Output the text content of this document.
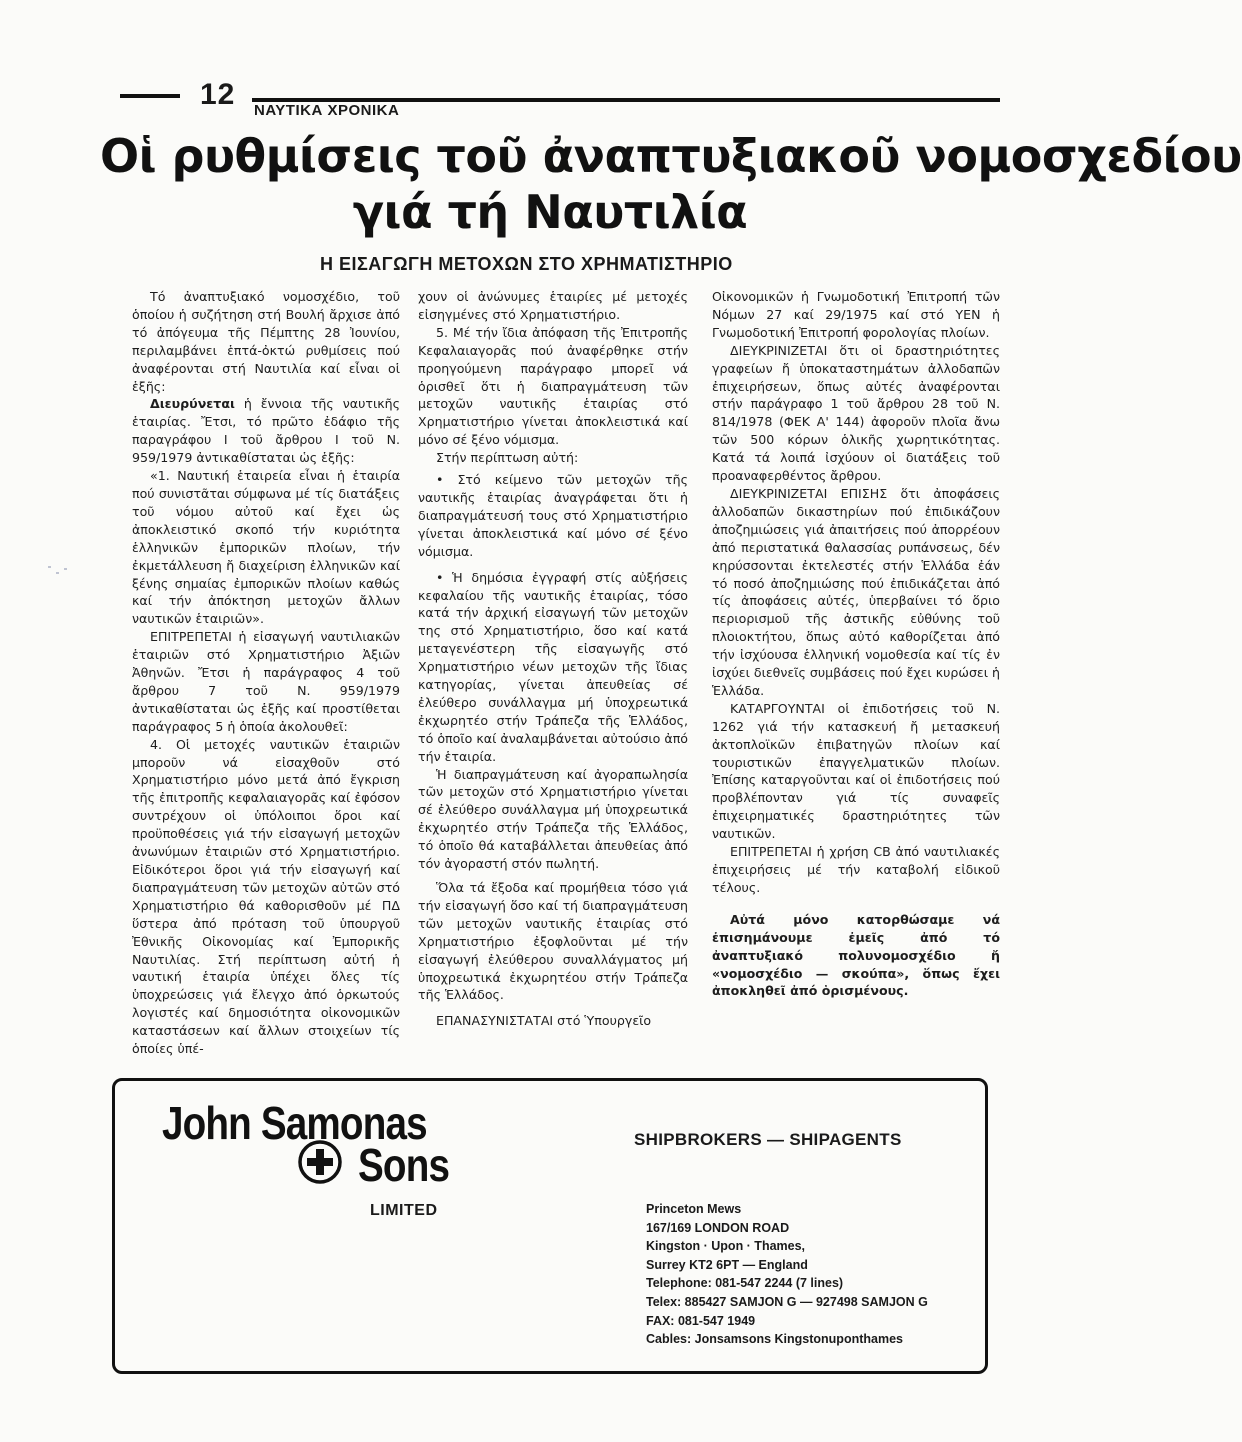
12 ΝΑΥΤΙΚΑ ΧΡΟΝΙΚΑ
Οἱ ρυθμίσεις τοῦ ἀναπτυξιακοῦ νομοσχεδίου
γιά τή Ναυτιλία
Η ΕΙΣΑΓΩΓΗ ΜΕΤΟΧΩΝ ΣΤΟ ΧΡΗΜΑΤΙΣΤΗΡΙΟ

Τό ἀναπτυξιακό νομοσχέδιο, τοῦ ὁποίου ἡ συζήτηση στή Βουλή ἄρχισε ἀπό τό ἀπόγευμα τῆς Πέμπτης 28 Ἰουνίου, περιλαμβάνει ἑπτά-ὀκτώ ρυθμίσεις πού ἀναφέρονται στή Ναυτιλία καί εἶναι οἱ ἑξῆς:

Διευρύνεται ἡ ἔννοια τῆς ναυτικῆς ἑταιρίας. Ἔτσι, τό πρῶτο ἐδάφιο τῆς παραγράφου Ι τοῦ ἄρθρου Ι τοῦ Ν. 959/1979 ἀντικαθίσταται ὡς ἑξῆς:

«1. Ναυτική ἑταιρεία εἶναι ἡ ἑταιρία πού συνιστᾶται σύμφωνα μέ τίς διατάξεις τοῦ νόμου αὐτοῦ καί ἔχει ὡς ἀποκλειστικό σκοπό τήν κυριότητα ἑλληνικῶν ἐμπορικῶν πλοίων, τήν ἐκμετάλλευση ἤ διαχείριση ἑλληνικῶν καί ξένης σημαίας ἐμπορικῶν πλοίων καθώς καί τήν ἀπόκτηση μετοχῶν ἄλλων ναυτικῶν ἑταιριῶν».

ΕΠΙΤΡΕΠΕΤΑΙ ἡ εἰσαγωγή ναυτιλιακῶν ἑταιριῶν στό Χρηματιστήριο Ἀξιῶν Ἀθηνῶν. Ἔτσι ἡ παράγραφος 4 τοῦ ἄρθρου 7 τοῦ Ν. 959/1979 ἀντικαθίσταται ὡς ἑξῆς καί προστίθεται παράγραφος 5 ἡ ὁποία ἀκολουθεῖ:

4. Οἱ μετοχές ναυτικῶν ἑταιριῶν μποροῦν νά εἰσαχθοῦν στό Χρηματιστήριο μόνο μετά ἀπό ἔγκριση τῆς ἐπιτροπῆς κεφαλαιαγορᾶς καί ἐφόσον συντρέχουν οἱ ὑπόλοιποι ὅροι καί προϋποθέσεις γιά τήν εἰσαγωγή μετοχῶν ἀνωνύμων ἑταιριῶν στό Χρηματιστήριο. Εἰδικότεροι ὅροι γιά τήν εἰσαγωγή καί διαπραγμάτευση τῶν μετοχῶν αὐτῶν στό Χρηματιστήριο θά καθορισθοῦν μέ ΠΔ ὕστερα ἀπό πρόταση τοῦ ὑπουργοῦ Ἐθνικῆς Οἰκονομίας καί Ἐμπορικῆς Ναυτιλίας. Στή περίπτωση αὐτή ἡ ναυτική ἑταιρία ὑπέχει ὅλες τίς ὑποχρεώσεις γιά ἔλεγχο ἀπό ὁρκωτούς λογιστές καί δημοσιότητα οἰκονομικῶν καταστάσεων καί ἄλλων στοιχείων τίς ὁποίες ὑπέ-

χουν οἱ ἀνώνυμες ἑταιρίες μέ μετοχές εἰσηγμένες στό Χρηματιστήριο.

5. Μέ τήν ἴδια ἀπόφαση τῆς Ἐπιτροπῆς Κεφαλαιαγορᾶς πού ἀναφέρθηκε στήν προηγούμενη παράγραφο μπορεῖ νά ὁρισθεῖ ὅτι ἡ διαπραγμάτευση τῶν μετοχῶν ναυτικῆς ἑταιρίας στό Χρηματιστήριο γίνεται ἀποκλειστικά καί μόνο σέ ξένο νόμισμα.

Στήν περίπτωση αὐτή:

• Στό κείμενο τῶν μετοχῶν τῆς ναυτικῆς ἑταιρίας ἀναγράφεται ὅτι ἡ διαπραγμάτευσή τους στό Χρηματιστήριο γίνεται ἀποκλειστικά καί μόνο σέ ξένο νόμισμα.

• Ἡ δημόσια ἐγγραφή στίς αὐξήσεις κεφαλαίου τῆς ναυτικῆς ἑταιρίας, τόσο κατά τήν ἀρχική εἰσαγωγή τῶν μετοχῶν της στό Χρηματιστήριο, ὅσο καί κατά μεταγενέστερη τῆς εἰσαγωγῆς στό Χρηματιστήριο νέων μετοχῶν τῆς ἴδιας κατηγορίας, γίνεται ἀπευθείας σέ ἐλεύθερο συνάλλαγμα μή ὑποχρεωτικά ἐκχωρητέο στήν Τράπεζα τῆς Ἑλλάδος, τό ὁποῖο καί ἀναλαμβάνεται αὐτούσιο ἀπό τήν ἑταιρία.

Ἡ διαπραγμάτευση καί ἀγοραπωλησία τῶν μετοχῶν στό Χρηματιστήριο γίνεται σέ ἐλεύθερο συνάλλαγμα μή ὑποχρεωτικά ἐκχωρητέο στήν Τράπεζα τῆς Ἑλλάδος, τό ὁποῖο θά καταβάλλεται ἀπευθείας ἀπό τόν ἀγοραστή στόν πωλητή.

Ὅλα τά ἔξοδα καί προμήθεια τόσο γιά τήν εἰσαγωγή ὅσο καί τή διαπραγμάτευση τῶν μετοχῶν ναυτικῆς ἑταιρίας στό Χρηματιστήριο ἐξοφλοῦνται μέ τήν εἰσαγωγή ἐλεύθερου συναλλάγματος μή ὑποχρεωτικά ἐκχωρητέου στήν Τράπεζα τῆς Ἑλλάδος.

ΕΠΑΝΑΣΥΝΙΣΤΑΤΑΙ στό Ὑπουργεῖο

Οἰκονομικῶν ἡ Γνωμοδοτική Ἐπιτροπή τῶν Νόμων 27 καί 29/1975 καί στό ΥΕΝ ἡ Γνωμοδοτική Ἐπιτροπή φορολογίας πλοίων.

ΔΙΕΥΚΡΙΝΙΖΕΤΑΙ ὅτι οἱ δραστηριότητες γραφείων ἤ ὑποκαταστημάτων ἀλλοδαπῶν ἐπιχειρήσεων, ὅπως αὐτές ἀναφέρονται στήν παράγραφο 1 τοῦ ἄρθρου 28 τοῦ Ν. 814/1978 (ΦΕΚ Α' 144) ἀφοροῦν πλοῖα ἄνω τῶν 500 κόρων ὁλικῆς χωρητικότητας. Κατά τά λοιπά ἰσχύουν οἱ διατάξεις τοῦ προαναφερθέντος ἄρθρου.

ΔΙΕΥΚΡΙΝΙΖΕΤΑΙ ΕΠΙΣΗΣ ὅτι ἀποφάσεις ἀλλοδαπῶν δικαστηρίων πού ἐπιδικάζουν ἀποζημιώσεις γιά ἀπαιτήσεις πού ἀπορρέουν ἀπό περιστατικά θαλασσίας ρυπάνσεως, δέν κηρύσσονται ἐκτελεστές στήν Ἑλλάδα ἐάν τό ποσό ἀποζημιώσης πού ἐπιδικάζεται ἀπό τίς ἀποφάσεις αὐτές, ὑπερβαίνει τό ὅριο περιορισμοῦ τῆς ἀστικῆς εὐθύνης τοῦ πλοιοκτήτου, ὅπως αὐτό καθορίζεται ἀπό τήν ἰσχύουσα ἑλληνική νομοθεσία καί τίς ἐν ἰσχύει διεθνεῖς συμβάσεις πού ἔχει κυρώσει ἡ Ἑλλάδα.

ΚΑΤΑΡΓΟΥΝΤΑΙ οἱ ἐπιδοτήσεις τοῦ Ν. 1262 γιά τήν κατασκευή ἤ μετασκευή ἀκτοπλοϊκῶν ἐπιβατηγῶν πλοίων καί τουριστικῶν ἐπαγγελματικῶν πλοίων. Ἐπίσης καταργοῦνται καί οἱ ἐπιδοτήσεις πού προβλέπονταν γιά τίς συναφεῖς ἐπιχειρηματικές δραστηριότητες τῶν ναυτικῶν.

ΕΠΙΤΡΕΠΕΤΑΙ ἡ χρήση CB ἀπό ναυτιλιακές ἐπιχειρήσεις μέ τήν καταβολή εἰδικοῦ τέλους.

Αὐτά μόνο κατορθώσαμε νά ἐπισημάνουμε ἐμεῖς ἀπό τό ἀναπτυξιακό πολυνομοσχέδιο ἤ «νομοσχέδιο — σκούπα», ὅπως ἔχει ἀποκληθεῖ ἀπό ὁρισμένους.

John Samonas
Sons	SHIPBROKERS — SHIPAGENTS
LIMITED	Princeton Mews
167/169 LONDON ROAD
Kingston · Upon · Thames,
Surrey KT2 6PT — England
Telephone: 081-547 2244 (7 lines)
Telex: 885427 SAMJON G — 927498 SAMJON G
FAX: 081-547 1949
Cables: Jonsamsons Kingstonuponthames
